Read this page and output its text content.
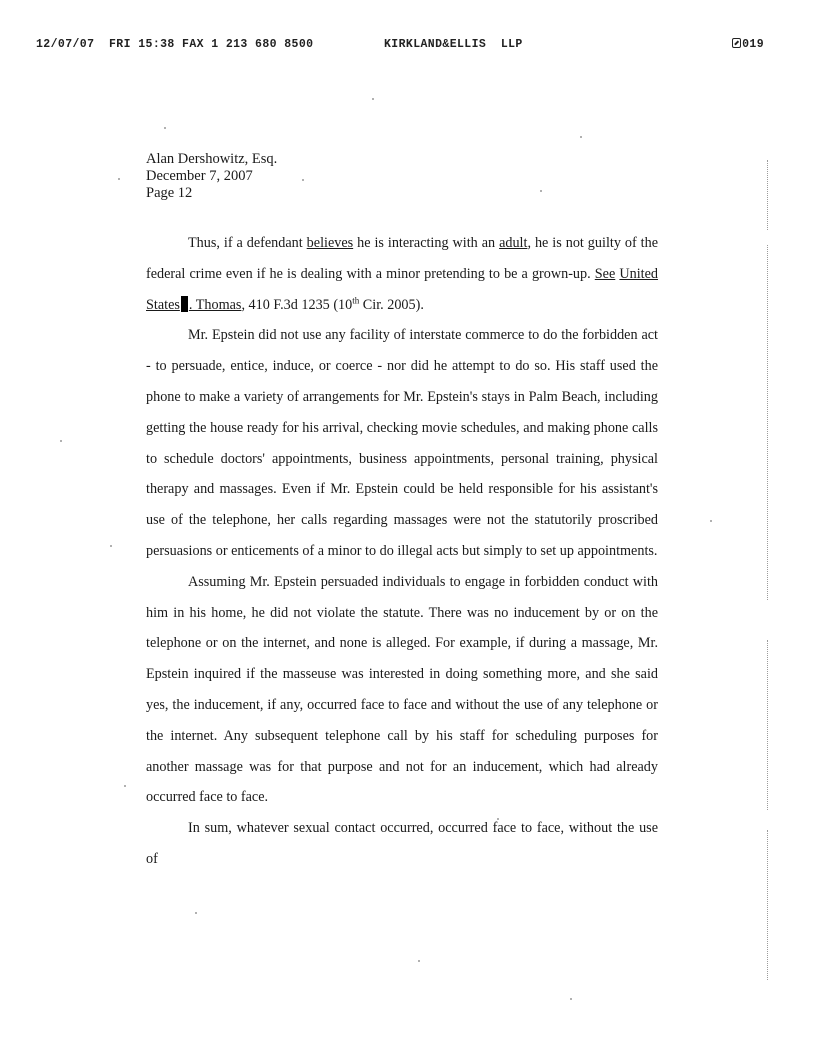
12/07/07  FRI 15:38 FAX 1 213 680 8500	KIRKLAND&ELLIS  LLP	019
Alan Dershowitz, Esq.
December 7, 2007
Page 12

Thus, if a defendant believes he is interacting with an adult, he is not guilty of the federal crime even if he is dealing with a minor pretending to be a grown-up. See United States . Thomas, 410 F.3d 1235 (10th Cir. 2005).

Mr. Epstein did not use any facility of interstate commerce to do the forbidden act - to persuade, entice, induce, or coerce - nor did he attempt to do so. His staff used the phone to make a variety of arrangements for Mr. Epstein's stays in Palm Beach, including getting the house ready for his arrival, checking movie schedules, and making phone calls to schedule doctors' appointments, business appointments, personal training, physical therapy and massages. Even if Mr. Epstein could be held responsible for his assistant's use of the telephone, her calls regarding massages were not the statutorily proscribed persuasions or enticements of a minor to do illegal acts but simply to set up appointments.

Assuming Mr. Epstein persuaded individuals to engage in forbidden conduct with him in his home, he did not violate the statute. There was no inducement by or on the telephone or on the internet, and none is alleged. For example, if during a massage, Mr. Epstein inquired if the masseuse was interested in doing something more, and she said yes, the inducement, if any, occurred face to face and without the use of any telephone or the internet. Any subsequent telephone call by his staff for scheduling purposes for another massage was for that purpose and not for an inducement, which had already occurred face to face.

In sum, whatever sexual contact occurred, occurred face to face, without the use of
